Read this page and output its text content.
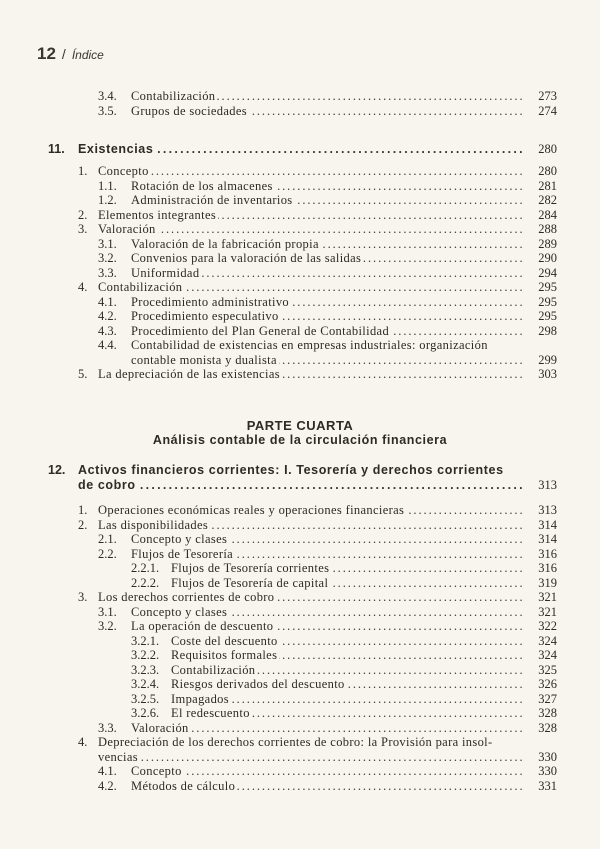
12 / Índice
3.4. Contabilización . . .	273
3.5. Grupos de sociedades . . .	274
11. Existencias . . .	280
1. Concepto . . .	280
1.1. Rotación de los almacenes . . .	281
1.2. Administración de inventarios . . .	282
2. Elementos integrantes . . .	284
3. Valoración . . .	288
3.1. Valoración de la fabricación propia . . .	289
3.2. Convenios para la valoración de las salidas . . .	290
3.3. Uniformidad . . .	294
4. Contabilización . . .	295
4.1. Procedimiento administrativo . . .	295
4.2. Procedimiento especulativo . . .	295
4.3. Procedimiento del Plan General de Contabilidad . . .	298
4.4. Contabilidad de existencias en empresas industriales: organización
contable monista y dualista . . .	299
5. La depreciación de las existencias . . .	303
PARTE CUARTA
Análisis contable de la circulación financiera
12. Activos financieros corrientes: I. Tesorería y derechos corrientes
de cobro . . .	313
1. Operaciones económicas reales y operaciones financieras . . .	313
2. Las disponibilidades . . .	314
2.1. Concepto y clases . . .	314
2.2. Flujos de Tesorería . . .	316
2.2.1. Flujos de Tesorería corrientes . . .	316
2.2.2. Flujos de Tesorería de capital . . .	319
3. Los derechos corrientes de cobro . . .	321
3.1. Concepto y clases . . .	321
3.2. La operación de descuento . . .	322
3.2.1. Coste del descuento . . .	324
3.2.2. Requisitos formales . . .	324
3.2.3. Contabilización . . .	325
3.2.4. Riesgos derivados del descuento . . .	326
3.2.5. Impagados . . .	327
3.2.6. El redescuento . . .	328
3.3. Valoración . . .	328
4. Depreciación de los derechos corrientes de cobro: la Provisión para insol-
vencias . . .	330
4.1. Concepto . . .	330
4.2. Métodos de cálculo . . .	331
